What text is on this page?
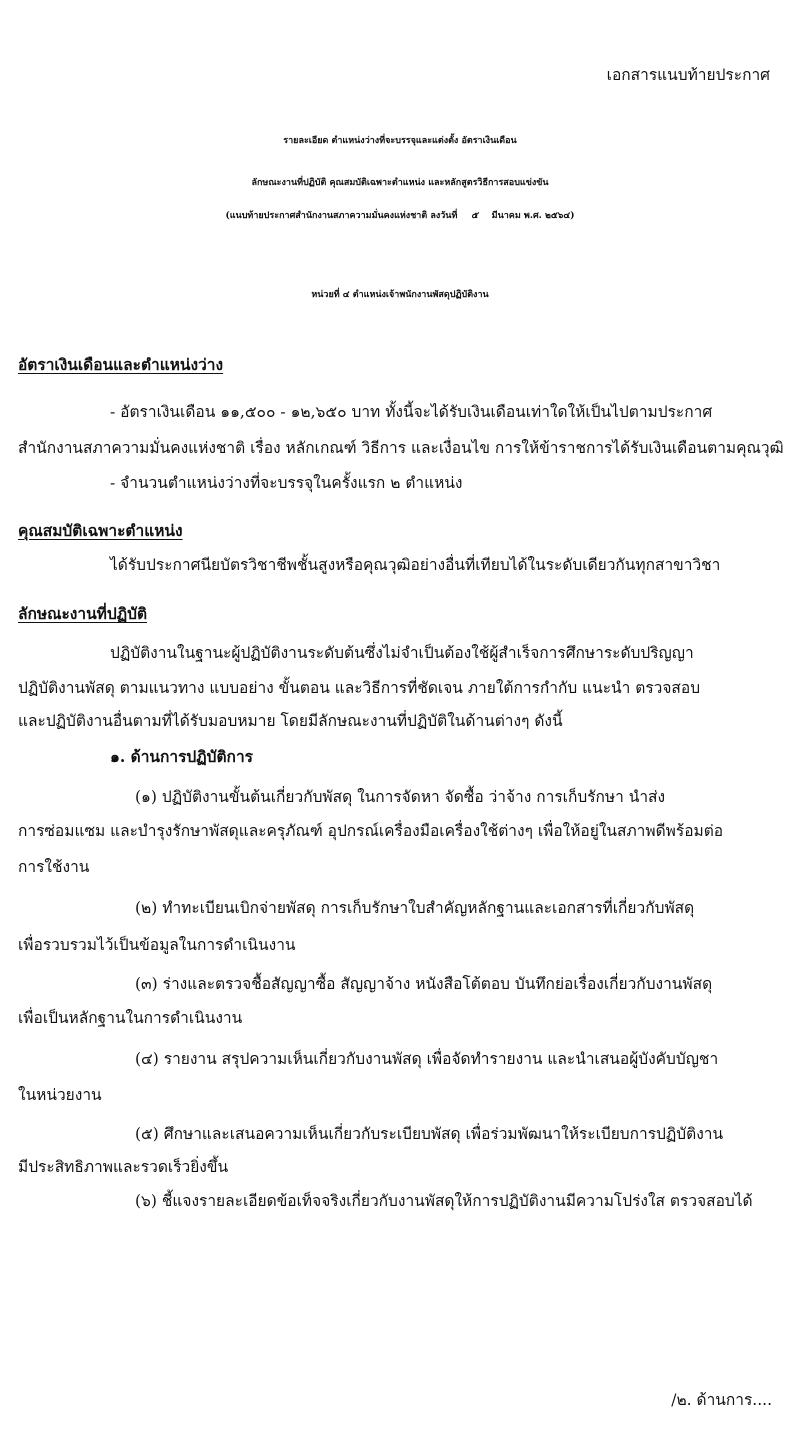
เอกสารแนบท้ายประกาศ
รายละเอียด ตำแหน่งว่างที่จะบรรจุและแต่งตั้ง อัตราเงินเดือน
ลักษณะงานที่ปฏิบัติ คุณสมบัติเฉพาะตำแหน่ง และหลักสูตรวิธีการสอบแข่งขัน
(แนบท้ายประกาศสำนักงานสภาความมั่นคงแห่งชาติ ลงวันที่ ๕ มีนาคม พ.ศ. ๒๕๖๔)
หน่วยที่ ๔ ตำแหน่งเจ้าพนักงานพัสดุปฏิบัติงาน
อัตราเงินเดือนและตำแหน่งว่าง
- อัตราเงินเดือน ๑๑,๕๐๐ - ๑๒,๖๕๐ บาท ทั้งนี้จะได้รับเงินเดือนเท่าใดให้เป็นไปตามประกาศ
สำนักงานสภาความมั่นคงแห่งชาติ เรื่อง หลักเกณฑ์ วิธีการ และเงื่อนไข การให้ข้าราชการได้รับเงินเดือนตามคุณวุฒิ
- จำนวนตำแหน่งว่างที่จะบรรจุในครั้งแรก ๒ ตำแหน่ง
คุณสมบัติเฉพาะตำแหน่ง
ได้รับประกาศนียบัตรวิชาชีพชั้นสูงหรือคุณวุฒิอย่างอื่นที่เทียบได้ในระดับเดียวกันทุกสาขาวิชา
ลักษณะงานที่ปฏิบัติ
ปฏิบัติงานในฐานะผู้ปฏิบัติงานระดับต้นซึ่งไม่จำเป็นต้องใช้ผู้สำเร็จการศึกษาระดับปริญญา
ปฏิบัติงานพัสดุ ตามแนวทาง แบบอย่าง ขั้นตอน และวิธีการที่ชัดเจน ภายใต้การกำกับ แนะนำ ตรวจสอบ
และปฏิบัติงานอื่นตามที่ได้รับมอบหมาย โดยมีลักษณะงานที่ปฏิบัติในด้านต่างๆ ดังนี้
๑. ด้านการปฏิบัติการ
(๑) ปฏิบัติงานขั้นต้นเกี่ยวกับพัสดุ ในการจัดหา จัดซื้อ ว่าจ้าง การเก็บรักษา นำส่ง
การซ่อมแซม และบำรุงรักษาพัสดุและครุภัณฑ์ อุปกรณ์เครื่องมือเครื่องใช้ต่างๆ เพื่อให้อยู่ในสภาพดีพร้อมต่อ
การใช้งาน
(๒) ทำทะเบียนเบิกจ่ายพัสดุ การเก็บรักษาใบสำคัญหลักฐานและเอกสารที่เกี่ยวกับพัสดุ
เพื่อรวบรวมไว้เป็นข้อมูลในการดำเนินงาน
(๓) ร่างและตรวจชื้อสัญญาซื้อ สัญญาจ้าง หนังสือโต้ตอบ บันทึกย่อเรื่องเกี่ยวกับงานพัสดุ
เพื่อเป็นหลักฐานในการดำเนินงาน
(๔) รายงาน สรุปความเห็นเกี่ยวกับงานพัสดุ เพื่อจัดทำรายงาน และนำเสนอผู้บังคับบัญชา
ในหน่วยงาน
(๕) ศึกษาและเสนอความเห็นเกี่ยวกับระเบียบพัสดุ เพื่อร่วมพัฒนาให้ระเบียบการปฏิบัติงาน
มีประสิทธิภาพและรวดเร็วยิ่งขึ้น
(๖) ชี้แจงรายละเอียดข้อเท็จจริงเกี่ยวกับงานพัสดุให้การปฏิบัติงานมีความโปร่งใส ตรวจสอบได้
/๒. ด้านการ....
